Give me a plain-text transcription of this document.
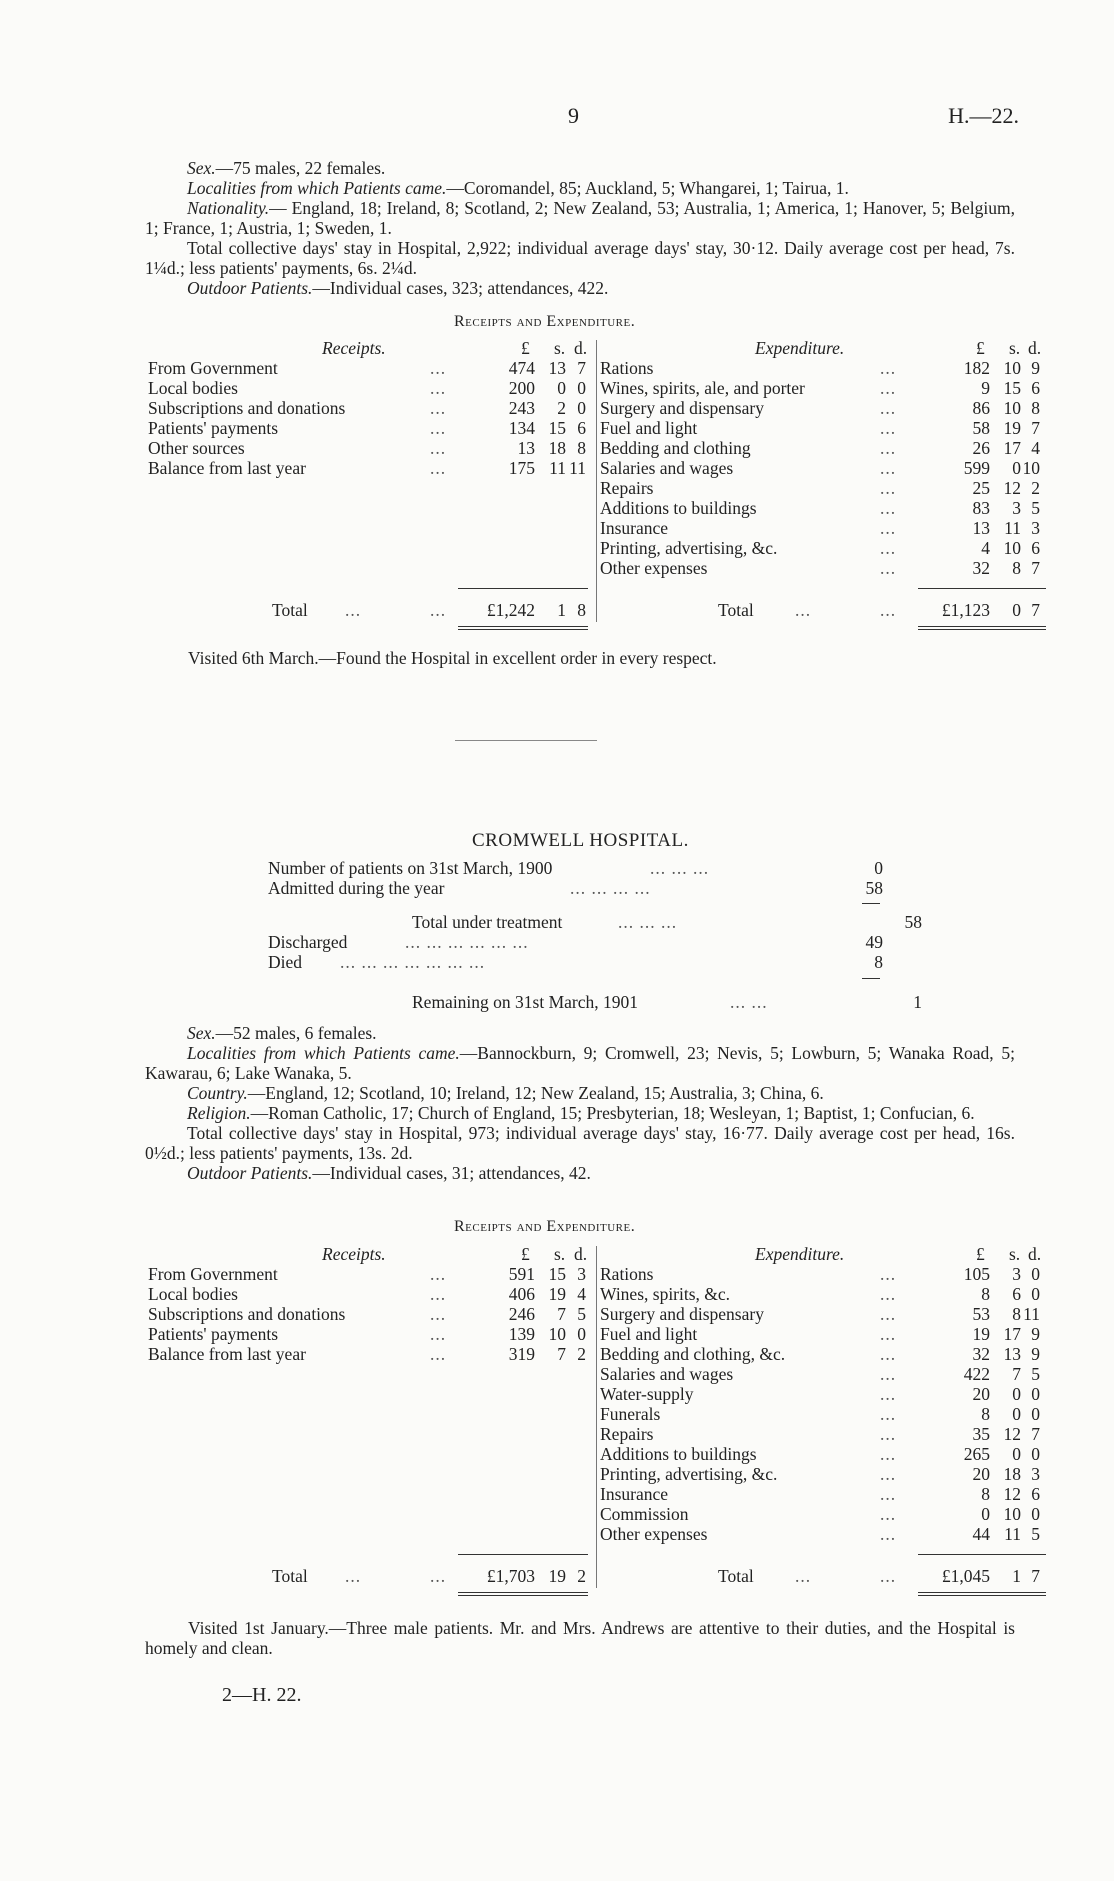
9	H.—22.

Sex.—75 males, 22 females.

Localities from which Patients came.—Coromandel, 85; Auckland, 5; Whangarei, 1; Tairua, 1.

Nationality.— England, 18; Ireland, 8; Scotland, 2; New Zealand, 53; Australia, 1; America, 1; Hanover, 5; Belgium, 1; France, 1; Austria, 1; Sweden, 1.

Total collective days' stay in Hospital, 2,922; individual average days' stay, 30·12. Daily average cost per head, 7s. 1¼d.; less patients' payments, 6s. 2¼d.

Outdoor Patients.—Individual cases, 323; attendances, 422.

Receipts and Expenditure.
Receipts.	Expenditure.
£ s. d.	£ s. d.
From Government	...	474 13 7
Local bodies	...	200	0 0
Subscriptions and donations	...	243	2 0
Patients' payments	...	134 15 6
Other sources	...	13 18 8
Balance from last year	...	175 11 11
Rations	...	182 10 9
Wines, spirits, ale, and porter	...	9 15 6
Surgery and dispensary	...	86 10 8
Fuel and light	...	58 19 7
Bedding and clothing	...	26 17 4
Salaries and wages	...	599	0 10
Repairs	...	25 12 2
Additions to buildings	...	83	3 5
Insurance	...	13 11 3
Printing, advertising, &c.	...	4 10 6
Other expenses	...	32	8 7
Total ...	...	£1,242	1 8	Total ...	...	£1,123	0 7
Visited 6th March.—Found the Hospital in excellent order in every respect.
CROMWELL HOSPITAL.
Number of patients on 31st March, 1900	... ... ...	0
Admitted during the year	... ... ... ...	58
Total under treatment	... ... ...	58
Discharged	... ... ... ... ... ...	49
Died ... ... ... ... ... ... ...	8
Remaining on 31st March, 1901	... ...	1

Sex.—52 males, 6 females.

Localities from which Patients came.—Bannockburn, 9; Cromwell, 23; Nevis, 5; Lowburn, 5; Wanaka Road, 5; Kawarau, 6; Lake Wanaka, 5.

Country.—England, 12; Scotland, 10; Ireland, 12; New Zealand, 15; Australia, 3; China, 6.

Religion.—Roman Catholic, 17; Church of England, 15; Presbyterian, 18; Wesleyan, 1; Baptist, 1; Confucian, 6.

Total collective days' stay in Hospital, 973; individual average days' stay, 16·77. Daily average cost per head, 16s. 0½d.; less patients' payments, 13s. 2d.

Outdoor Patients.—Individual cases, 31; attendances, 42.

Receipts and Expenditure.
Receipts.	Expenditure.
£ s. d.	£ s. d.
From Government	...	591 15 3
Local bodies	...	406 19 4
Subscriptions and donations	...	246	7 5
Patients' payments	...	139 10 0
Balance from last year	...	319	7 2
Rations	...	105	3 0
Wines, spirits, &c.	...	8	6 0
Surgery and dispensary	...	53	8 11
Fuel and light	...	19 17 9
Bedding and clothing, &c.	...	32 13 9
Salaries and wages	...	422	7 5
Water-supply	...	20	0 0
Funerals	...	8	0 0
Repairs	...	35 12 7
Additions to buildings	...	265	0 0
Printing, advertising, &c.	...	20 18 3
Insurance	...	8 12 6
Commission	...	0 10 0
Other expenses	...	44 11 5
Total ...	...	£1,703 19 2	Total ...	...	£1,045	1 7

Visited 1st January.—Three male patients. Mr. and Mrs. Andrews are attentive to their duties, and the Hospital is homely and clean.

2—H. 22.
